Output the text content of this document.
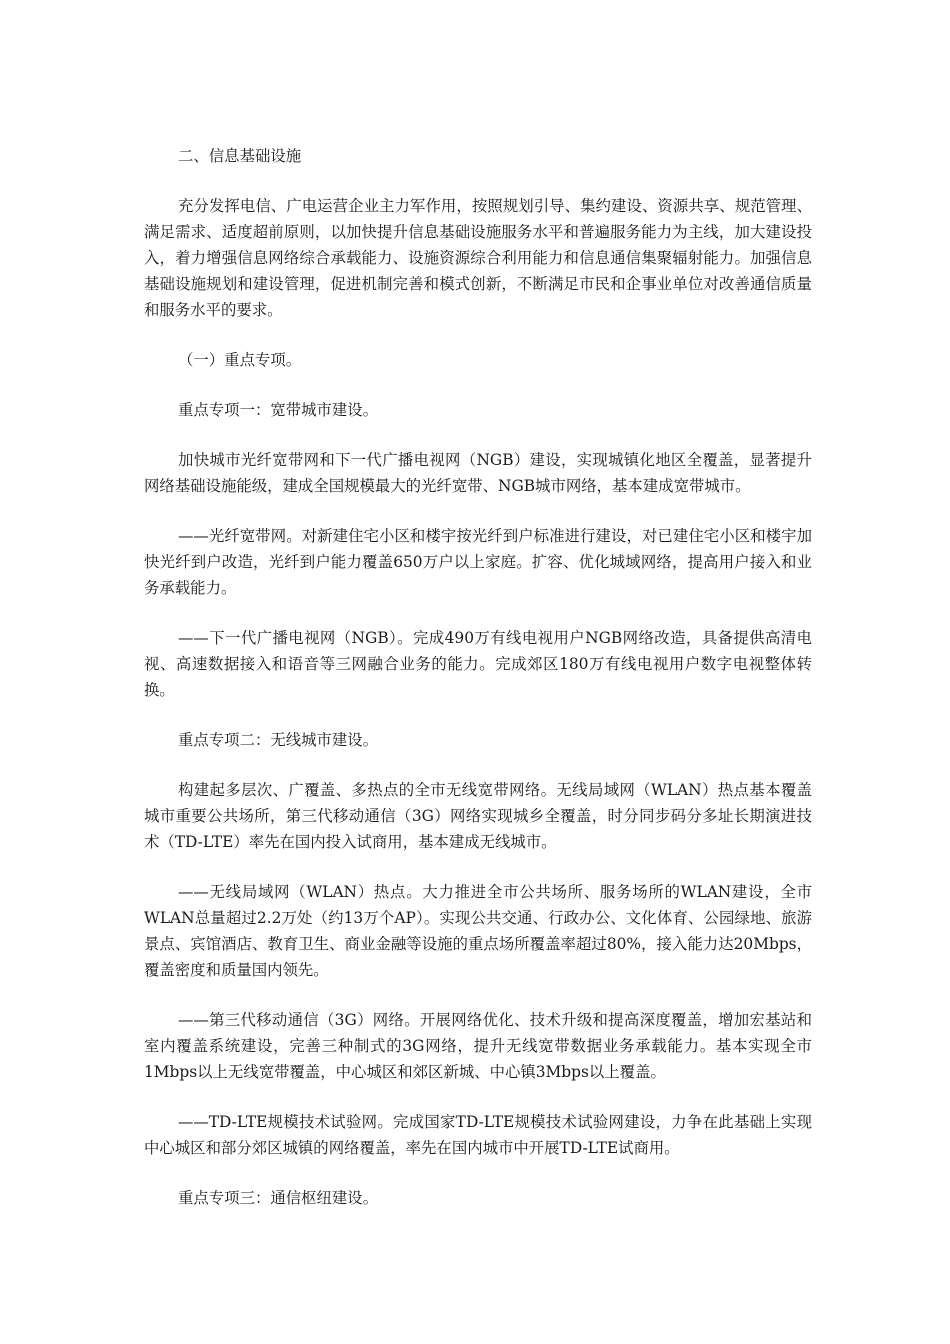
二、信息基础设施

充分发挥电信、广电运营企业主力军作用，按照规划引导、集约建设、资源共享、规范管理、满足需求、适度超前原则，以加快提升信息基础设施服务水平和普遍服务能力为主线，加大建设投入，着力增强信息网络综合承载能力、设施资源综合利用能力和信息通信集聚辐射能力。加强信息基础设施规划和建设管理，促进机制完善和模式创新，不断满足市民和企事业单位对改善通信质量和服务水平的要求。

（一）重点专项。

重点专项一：宽带城市建设。

加快城市光纤宽带网和下一代广播电视网（NGB）建设，实现城镇化地区全覆盖，显著提升网络基础设施能级，建成全国规模最大的光纤宽带、NGB城市网络，基本建成宽带城市。

——光纤宽带网。对新建住宅小区和楼宇按光纤到户标准进行建设，对已建住宅小区和楼宇加快光纤到户改造，光纤到户能力覆盖650万户以上家庭。扩容、优化城域网络，提高用户接入和业务承载能力。

——下一代广播电视网（NGB）。完成490万有线电视用户NGB网络改造，具备提供高清电视、高速数据接入和语音等三网融合业务的能力。完成郊区180万有线电视用户数字电视整体转换。

重点专项二：无线城市建设。

构建起多层次、广覆盖、多热点的全市无线宽带网络。无线局域网（WLAN）热点基本覆盖城市重要公共场所，第三代移动通信（3G）网络实现城乡全覆盖，时分同步码分多址长期演进技术（TD-LTE）率先在国内投入试商用，基本建成无线城市。

——无线局域网（WLAN）热点。大力推进全市公共场所、服务场所的WLAN建设，全市WLAN总量超过2.2万处（约13万个AP）。实现公共交通、行政办公、文化体育、公园绿地、旅游景点、宾馆酒店、教育卫生、商业金融等设施的重点场所覆盖率超过80%，接入能力达20Mbps，覆盖密度和质量国内领先。

——第三代移动通信（3G）网络。开展网络优化、技术升级和提高深度覆盖，增加宏基站和室内覆盖系统建设，完善三种制式的3G网络，提升无线宽带数据业务承载能力。基本实现全市1Mbps以上无线宽带覆盖，中心城区和郊区新城、中心镇3Mbps以上覆盖。

——TD-LTE规模技术试验网。完成国家TD-LTE规模技术试验网建设，力争在此基础上实现中心城区和部分郊区城镇的网络覆盖，率先在国内城市中开展TD-LTE试商用。

重点专项三：通信枢纽建设。
